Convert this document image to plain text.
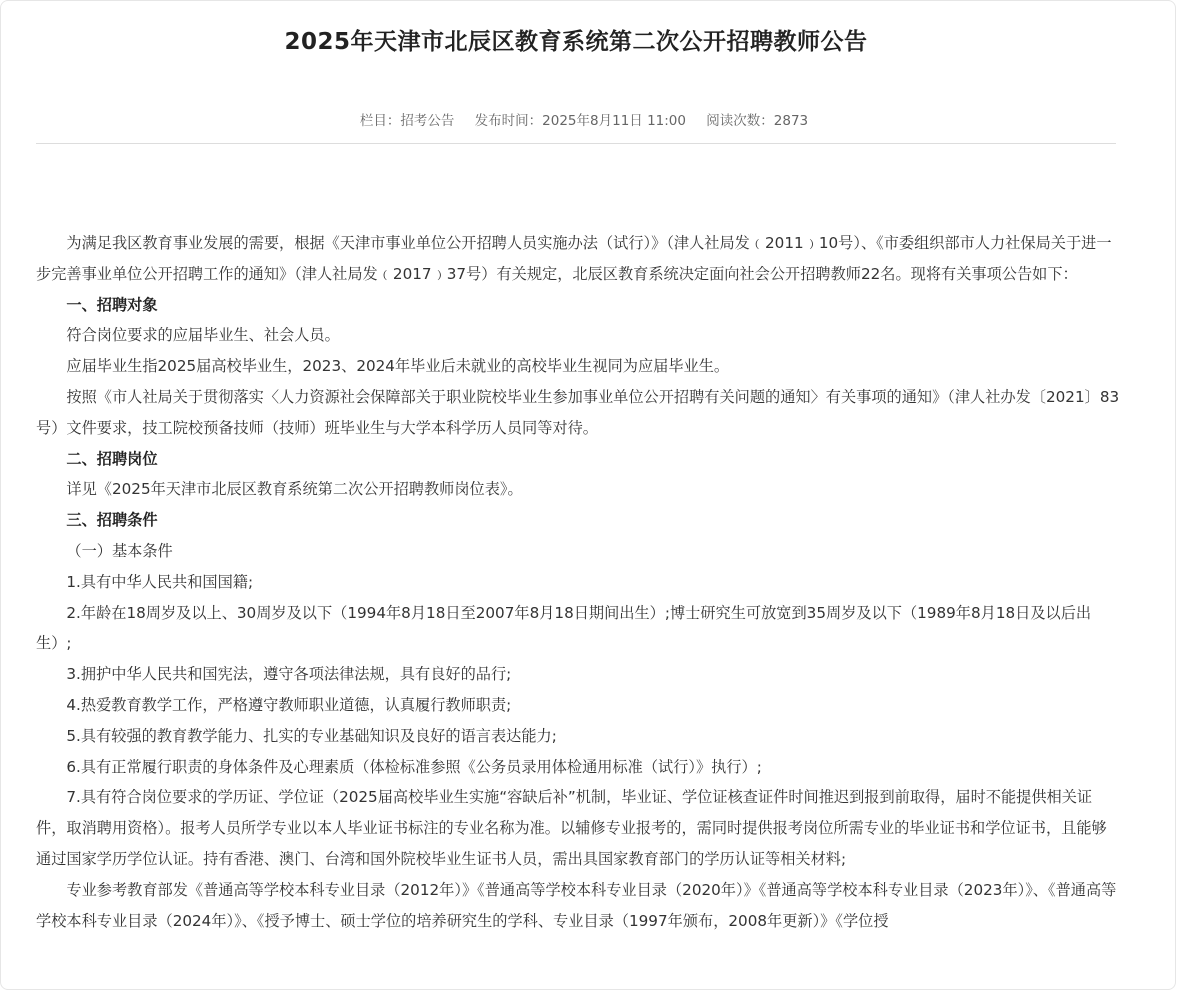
2025年天津市北辰区教育系统第二次公开招聘教师公告
栏目：招考公告 发布时间：2025年8月11日 11:00 阅读次数：2873

为满足我区教育事业发展的需要，根据《天津市事业单位公开招聘人员实施办法（试行）》（津人社局发﹙2011﹚10号）、《市委组织部市人力社保局关于进一步完善事业单位公开招聘工作的通知》（津人社局发﹙2017﹚37号）有关规定，北辰区教育系统决定面向社会公开招聘教师22名。现将有关事项公告如下：

一、招聘对象

符合岗位要求的应届毕业生、社会人员。

应届毕业生指2025届高校毕业生，2023、2024年毕业后未就业的高校毕业生视同为应届毕业生。

按照《市人社局关于贯彻落实〈人力资源社会保障部关于职业院校毕业生参加事业单位公开招聘有关问题的通知〉有关事项的通知》（津人社办发〔2021〕83号）文件要求，技工院校预备技师（技师）班毕业生与大学本科学历人员同等对待。

二、招聘岗位

详见《2025年天津市北辰区教育系统第二次公开招聘教师岗位表》。

三、招聘条件

（一）基本条件

1.具有中华人民共和国国籍;

2.年龄在18周岁及以上、30周岁及以下（1994年8月18日至2007年8月18日期间出生）;博士研究生可放宽到35周岁及以下（1989年8月18日及以后出生）;

3.拥护中华人民共和国宪法，遵守各项法律法规，具有良好的品行;

4.热爱教育教学工作，严格遵守教师职业道德，认真履行教师职责;

5.具有较强的教育教学能力、扎实的专业基础知识及良好的语言表达能力;

6.具有正常履行职责的身体条件及心理素质（体检标准参照《公务员录用体检通用标准（试行）》执行）;

7.具有符合岗位要求的学历证、学位证（2025届高校毕业生实施“容缺后补”机制，毕业证、学位证核查证件时间推迟到报到前取得，届时不能提供相关证件，取消聘用资格）。报考人员所学专业以本人毕业证书标注的专业名称为准。以辅修专业报考的，需同时提供报考岗位所需专业的毕业证书和学位证书，且能够通过国家学历学位认证。持有香港、澳门、台湾和国外院校毕业生证书人员，需出具国家教育部门的学历认证等相关材料;

专业参考教育部发《普通高等学校本科专业目录（2012年）》《普通高等学校本科专业目录（2020年）》《普通高等学校本科专业目录（2023年）》、《普通高等学校本科专业目录（2024年）》、《授予博士、硕士学位的培养研究生的学科、专业目录（1997年颁布，2008年更新）》《学位授
